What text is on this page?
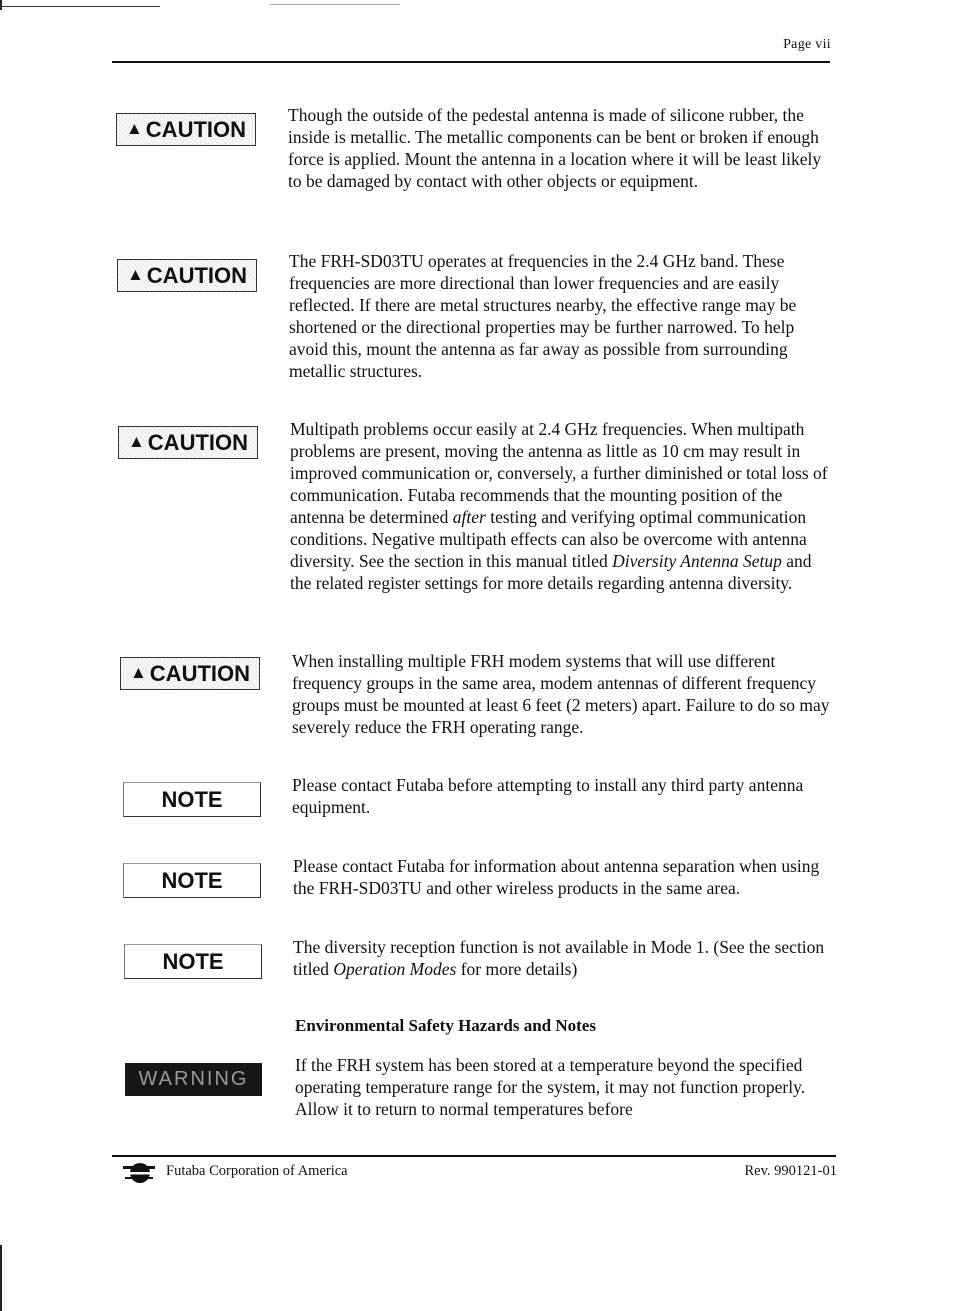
Page vii
▲ CAUTION
Though the outside of the pedestal antenna is made of silicone rubber, the inside is metallic. The metallic components can be bent or broken if enough force is applied. Mount the antenna in a location where it will be least likely to be damaged by contact with other objects or equipment.
▲ CAUTION
The FRH-SD03TU operates at frequencies in the 2.4 GHz band. These frequencies are more directional than lower frequencies and are easily reflected. If there are metal structures nearby, the effective range may be shortened or the directional properties may be further narrowed. To help avoid this, mount the antenna as far away as possible from surrounding metallic structures.
▲ CAUTION
Multipath problems occur easily at 2.4 GHz frequencies. When multipath problems are present, moving the antenna as little as 10 cm may result in improved communication or, conversely, a further diminished or total loss of communication. Futaba recommends that the mounting position of the antenna be determined after testing and verifying optimal communication conditions. Negative multipath effects can also be overcome with antenna diversity. See the section in this manual titled Diversity Antenna Setup and the related register settings for more details regarding antenna diversity.
▲ CAUTION When installing multiple FRH modem systems that will use different frequency groups in the same area, modem antennas of different frequency groups must be mounted at least 6 feet (2 meters) apart. Failure to do so may severely reduce the FRH operating range.
NOTE
Please contact Futaba before attempting to install any third party antenna equipment.
NOTE
Please contact Futaba for information about antenna separation when using the FRH-SD03TU and other wireless products in the same area.
NOTE
The diversity reception function is not available in Mode 1. (See the section titled Operation Modes for more details)
Environmental Safety Hazards and Notes
WARNING
If the FRH system has been stored at a temperature beyond the specified operating temperature range for the system, it may not function properly. Allow it to return to normal temperatures before
Futaba Corporation of America	Rev. 990121-01
